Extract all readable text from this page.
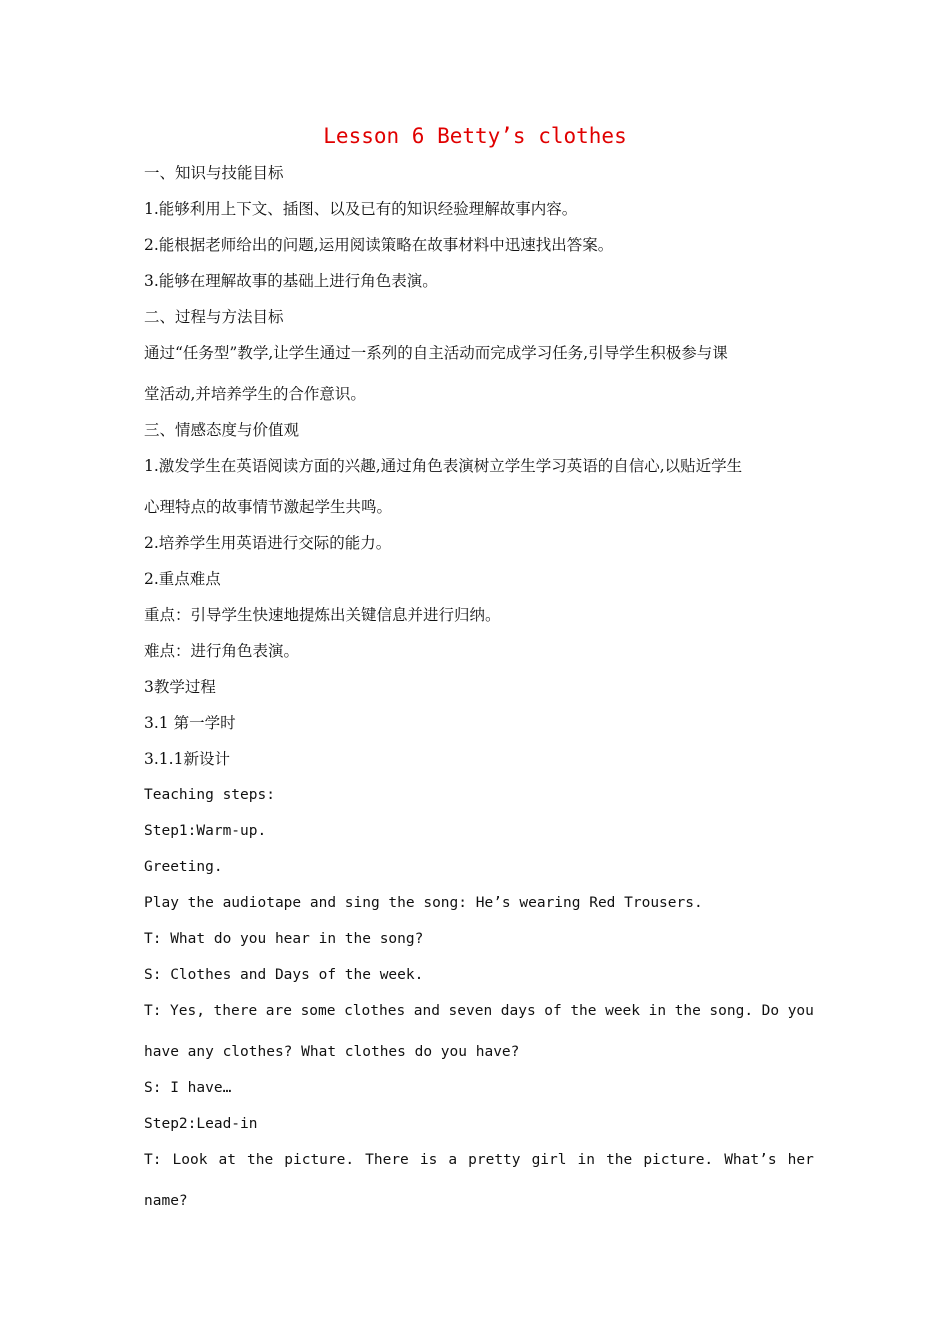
Lesson 6 Betty’s clothes
一、知识与技能目标
1.能够利用上下文、插图、以及已有的知识经验理解故事内容。
2.能根据老师给出的问题,运用阅读策略在故事材料中迅速找出答案。
3.能够在理解故事的基础上进行角色表演。
二、过程与方法目标
通过“任务型”教学,让学生通过一系列的自主活动而完成学习任务,引导学生积极参与课
堂活动,并培养学生的合作意识。
三、情感态度与价值观
1.激发学生在英语阅读方面的兴趣,通过角色表演树立学生学习英语的自信心,以贴近学生
心理特点的故事情节激起学生共鸣。
2.培养学生用英语进行交际的能力。
2.重点难点
重点：引导学生快速地提炼出关键信息并进行归纳。
难点：进行角色表演。
3教学过程
3.1 第一学时
3.1.1新设计
Teaching steps:
Step1:Warm-up.
Greeting.
Play the audiotape and sing the song: He’s wearing Red Trousers.
T: What do you hear in the song?
S: Clothes and Days of the week.
T: Yes, there are some clothes and seven days of the week in the song. Do you
have any clothes? What clothes do you have?
S: I have…
Step2:Lead-in
T: Look at the picture. There is a pretty girl in the picture. What’s her
name?
